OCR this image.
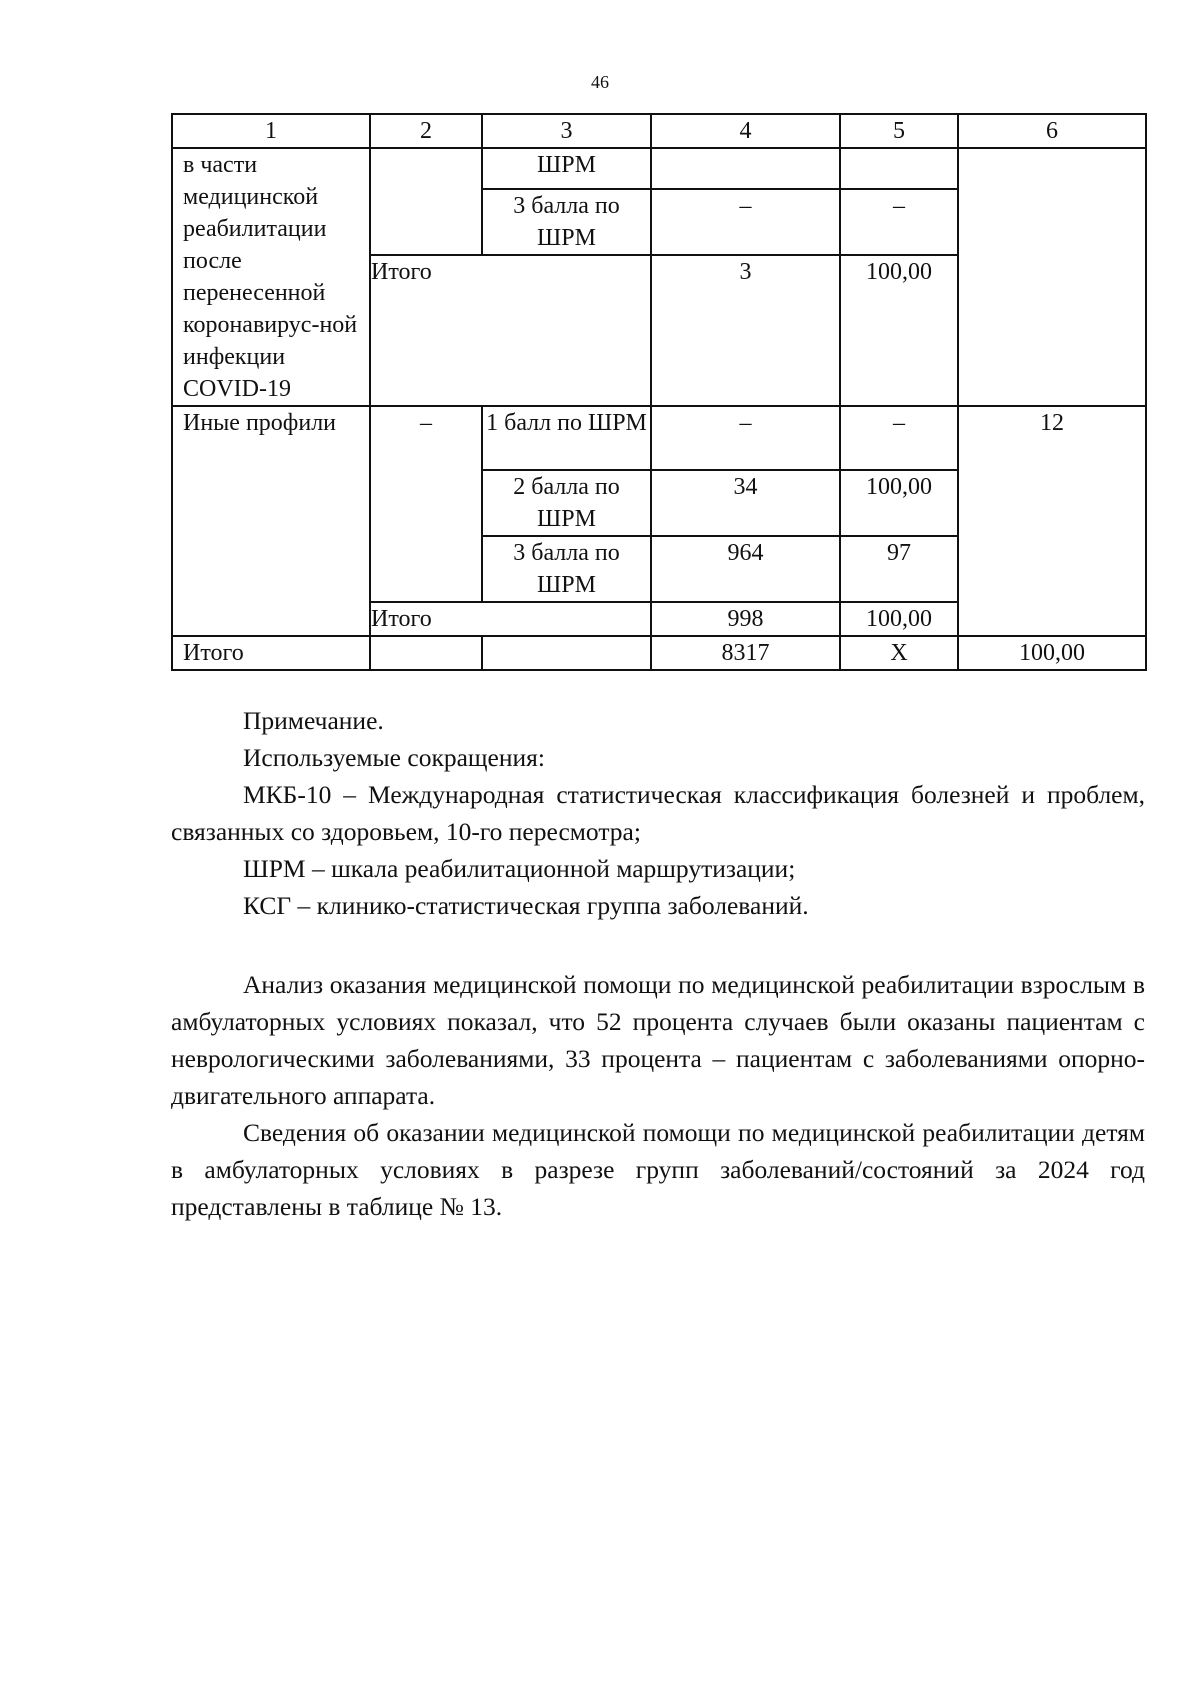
46
1	2	3	4	5	6
в части медицинской реабилитации после перенесенной коронавирус-ной инфекции COVID-19		ШРМ			
		3 балла по ШРМ	–	–	
	Итого		3	100,00	
Иные профили	–	1 балл по ШРМ	–	–	12
		2 балла по ШРМ	34	100,00	
		3 балла по ШРМ	964	97	
	Итого		998	100,00	
Итого			8317	Х	100,00

Примечание.

Используемые сокращения:

МКБ-10 – Международная статистическая классификация болезней и проблем, связанных со здоровьем, 10-го пересмотра;

ШРМ – шкала реабилитационной маршрутизации;

КСГ – клинико-статистическая группа заболеваний.

Анализ оказания медицинской помощи по медицинской реабилитации взрослым в амбулаторных условиях показал, что 52 процента случаев были оказаны пациентам с неврологическими заболеваниями, 33 процента – пациентам с заболеваниями опорно-двигательного аппарата.

Сведения об оказании медицинской помощи по медицинской реабилитации детям в амбулаторных условиях в разрезе групп заболеваний/состояний за 2024 год представлены в таблице № 13.
